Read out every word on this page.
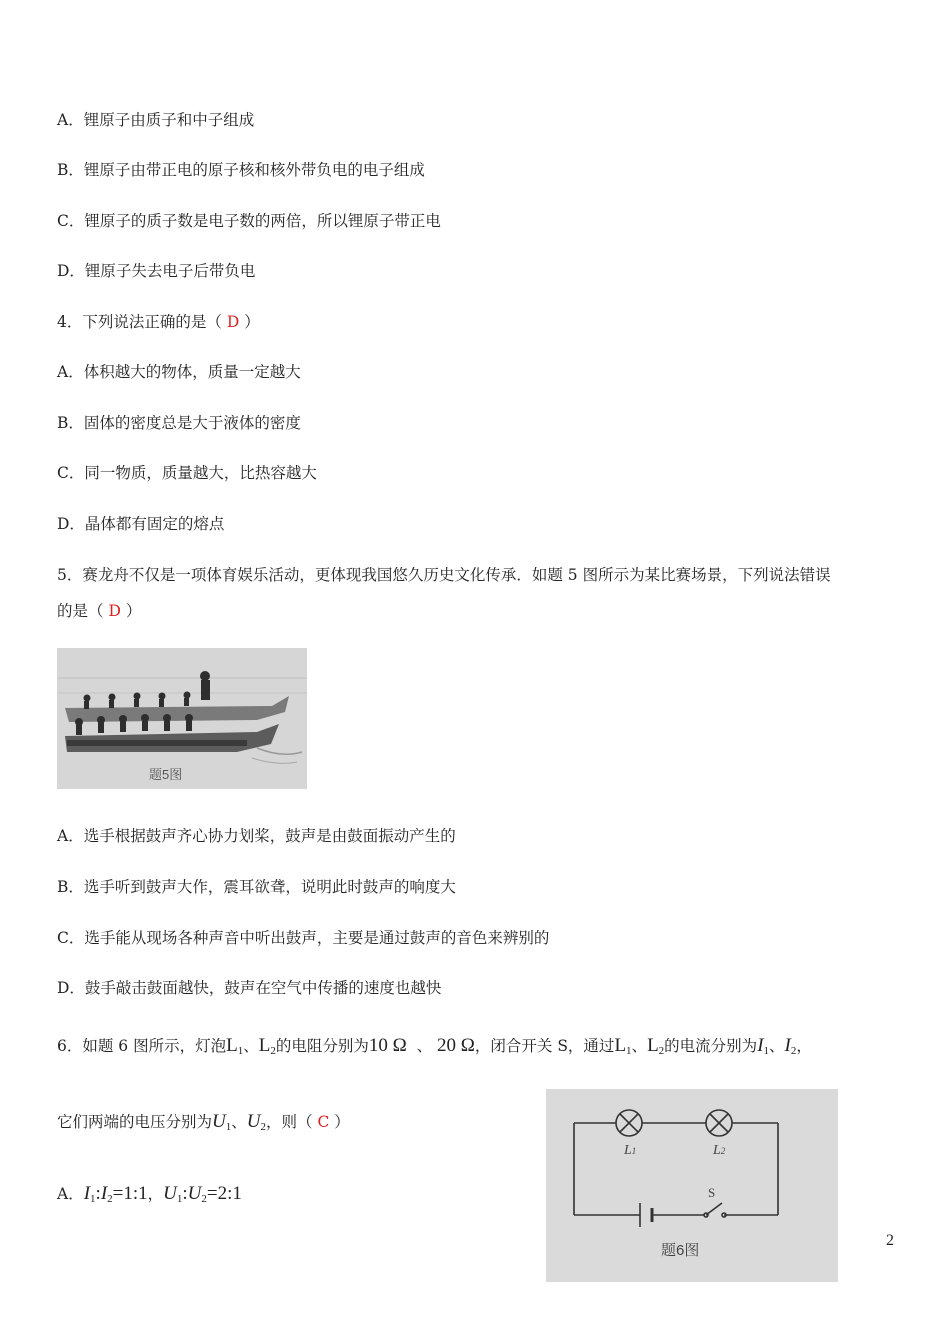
A．锂原子由质子和中子组成
B．锂原子由带正电的原子核和核外带负电的电子组成
C．锂原子的质子数是电子数的两倍，所以锂原子带正电
D．锂原子失去电子后带负电
4．下列说法正确的是（ D ）
A．体积越大的物体，质量一定越大
B．固体的密度总是大于液体的密度
C．同一物质，质量越大，比热容越大
D．晶体都有固定的熔点
5．赛龙舟不仅是一项体育娱乐活动，更体现我国悠久历史文化传承．如题 5 图所示为某比赛场景，下列说法错误
的是（ D ）
题5图
A．选手根据鼓声齐心协力划桨，鼓声是由鼓面振动产生的
B．选手听到鼓声大作，震耳欲聋，说明此时鼓声的响度大
C．选手能从现场各种声音中听出鼓声，主要是通过鼓声的音色来辨别的
D．鼓手敲击鼓面越快，鼓声在空气中传播的速度也越快
6．如题 6 图所示，灯泡$L_1$、$L_2$的电阻分别为10 Ω 、 20 Ω，闭合开关 S，通过$L_1$、$L_2$的电流分别为$I_1$、$I_2$，
它们两端的电压分别为$U_1$、$U_2$，则（ C ）
A．$I_1:I_2=1:1$，$U_1:U_2=2:1$
L1	L2
S
题6图
2
